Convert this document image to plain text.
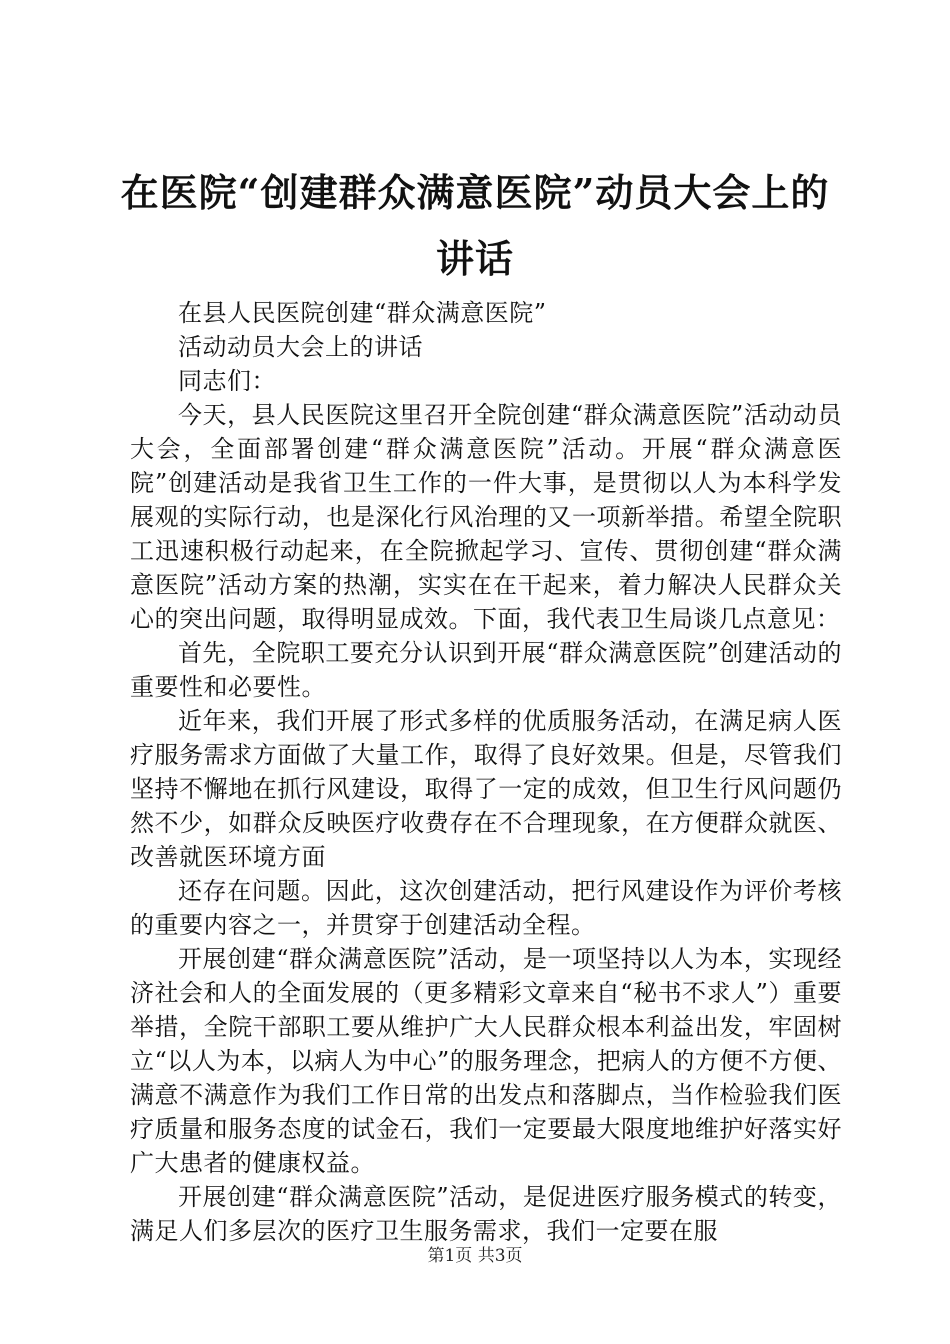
在医院“创建群众满意医院”动员大会上的讲话

在县人民医院创建“群众满意医院”

活动动员大会上的讲话

同志们：

今天，县人民医院这里召开全院创建“群众满意医院”活动动员大会，全面部署创建“群众满意医院”活动。开展“群众满意医院”创建活动是我省卫生工作的一件大事，是贯彻以人为本科学发展观的实际行动，也是深化行风治理的又一项新举措。希望全院职工迅速积极行动起来，在全院掀起学习、宣传、贯彻创建“群众满意医院”活动方案的热潮，实实在在干起来，着力解决人民群众关心的突出问题，取得明显成效。下面，我代表卫生局谈几点意见：

首先，全院职工要充分认识到开展“群众满意医院”创建活动的重要性和必要性。

近年来，我们开展了形式多样的优质服务活动，在满足病人医疗服务需求方面做了大量工作，取得了良好效果。但是，尽管我们坚持不懈地在抓行风建设，取得了一定的成效，但卫生行风问题仍然不少，如群众反映医疗收费存在不合理现象，在方便群众就医、改善就医环境方面

还存在问题。因此，这次创建活动，把行风建设作为评价考核的重要内容之一，并贯穿于创建活动全程。

开展创建“群众满意医院”活动，是一项坚持以人为本，实现经济社会和人的全面发展的（更多精彩文章来自“秘书不求人”）重要举措，全院干部职工要从维护广大人民群众根本利益出发，牢固树立“以人为本，以病人为中心”的服务理念，把病人的方便不方便、满意不满意作为我们工作日常的出发点和落脚点，当作检验我们医疗质量和服务态度的试金石，我们一定要最大限度地维护好落实好广大患者的健康权益。

开展创建“群众满意医院”活动，是促进医疗服务模式的转变，满足人们多层次的医疗卫生服务需求，我们一定要在服

第1页 共3页
